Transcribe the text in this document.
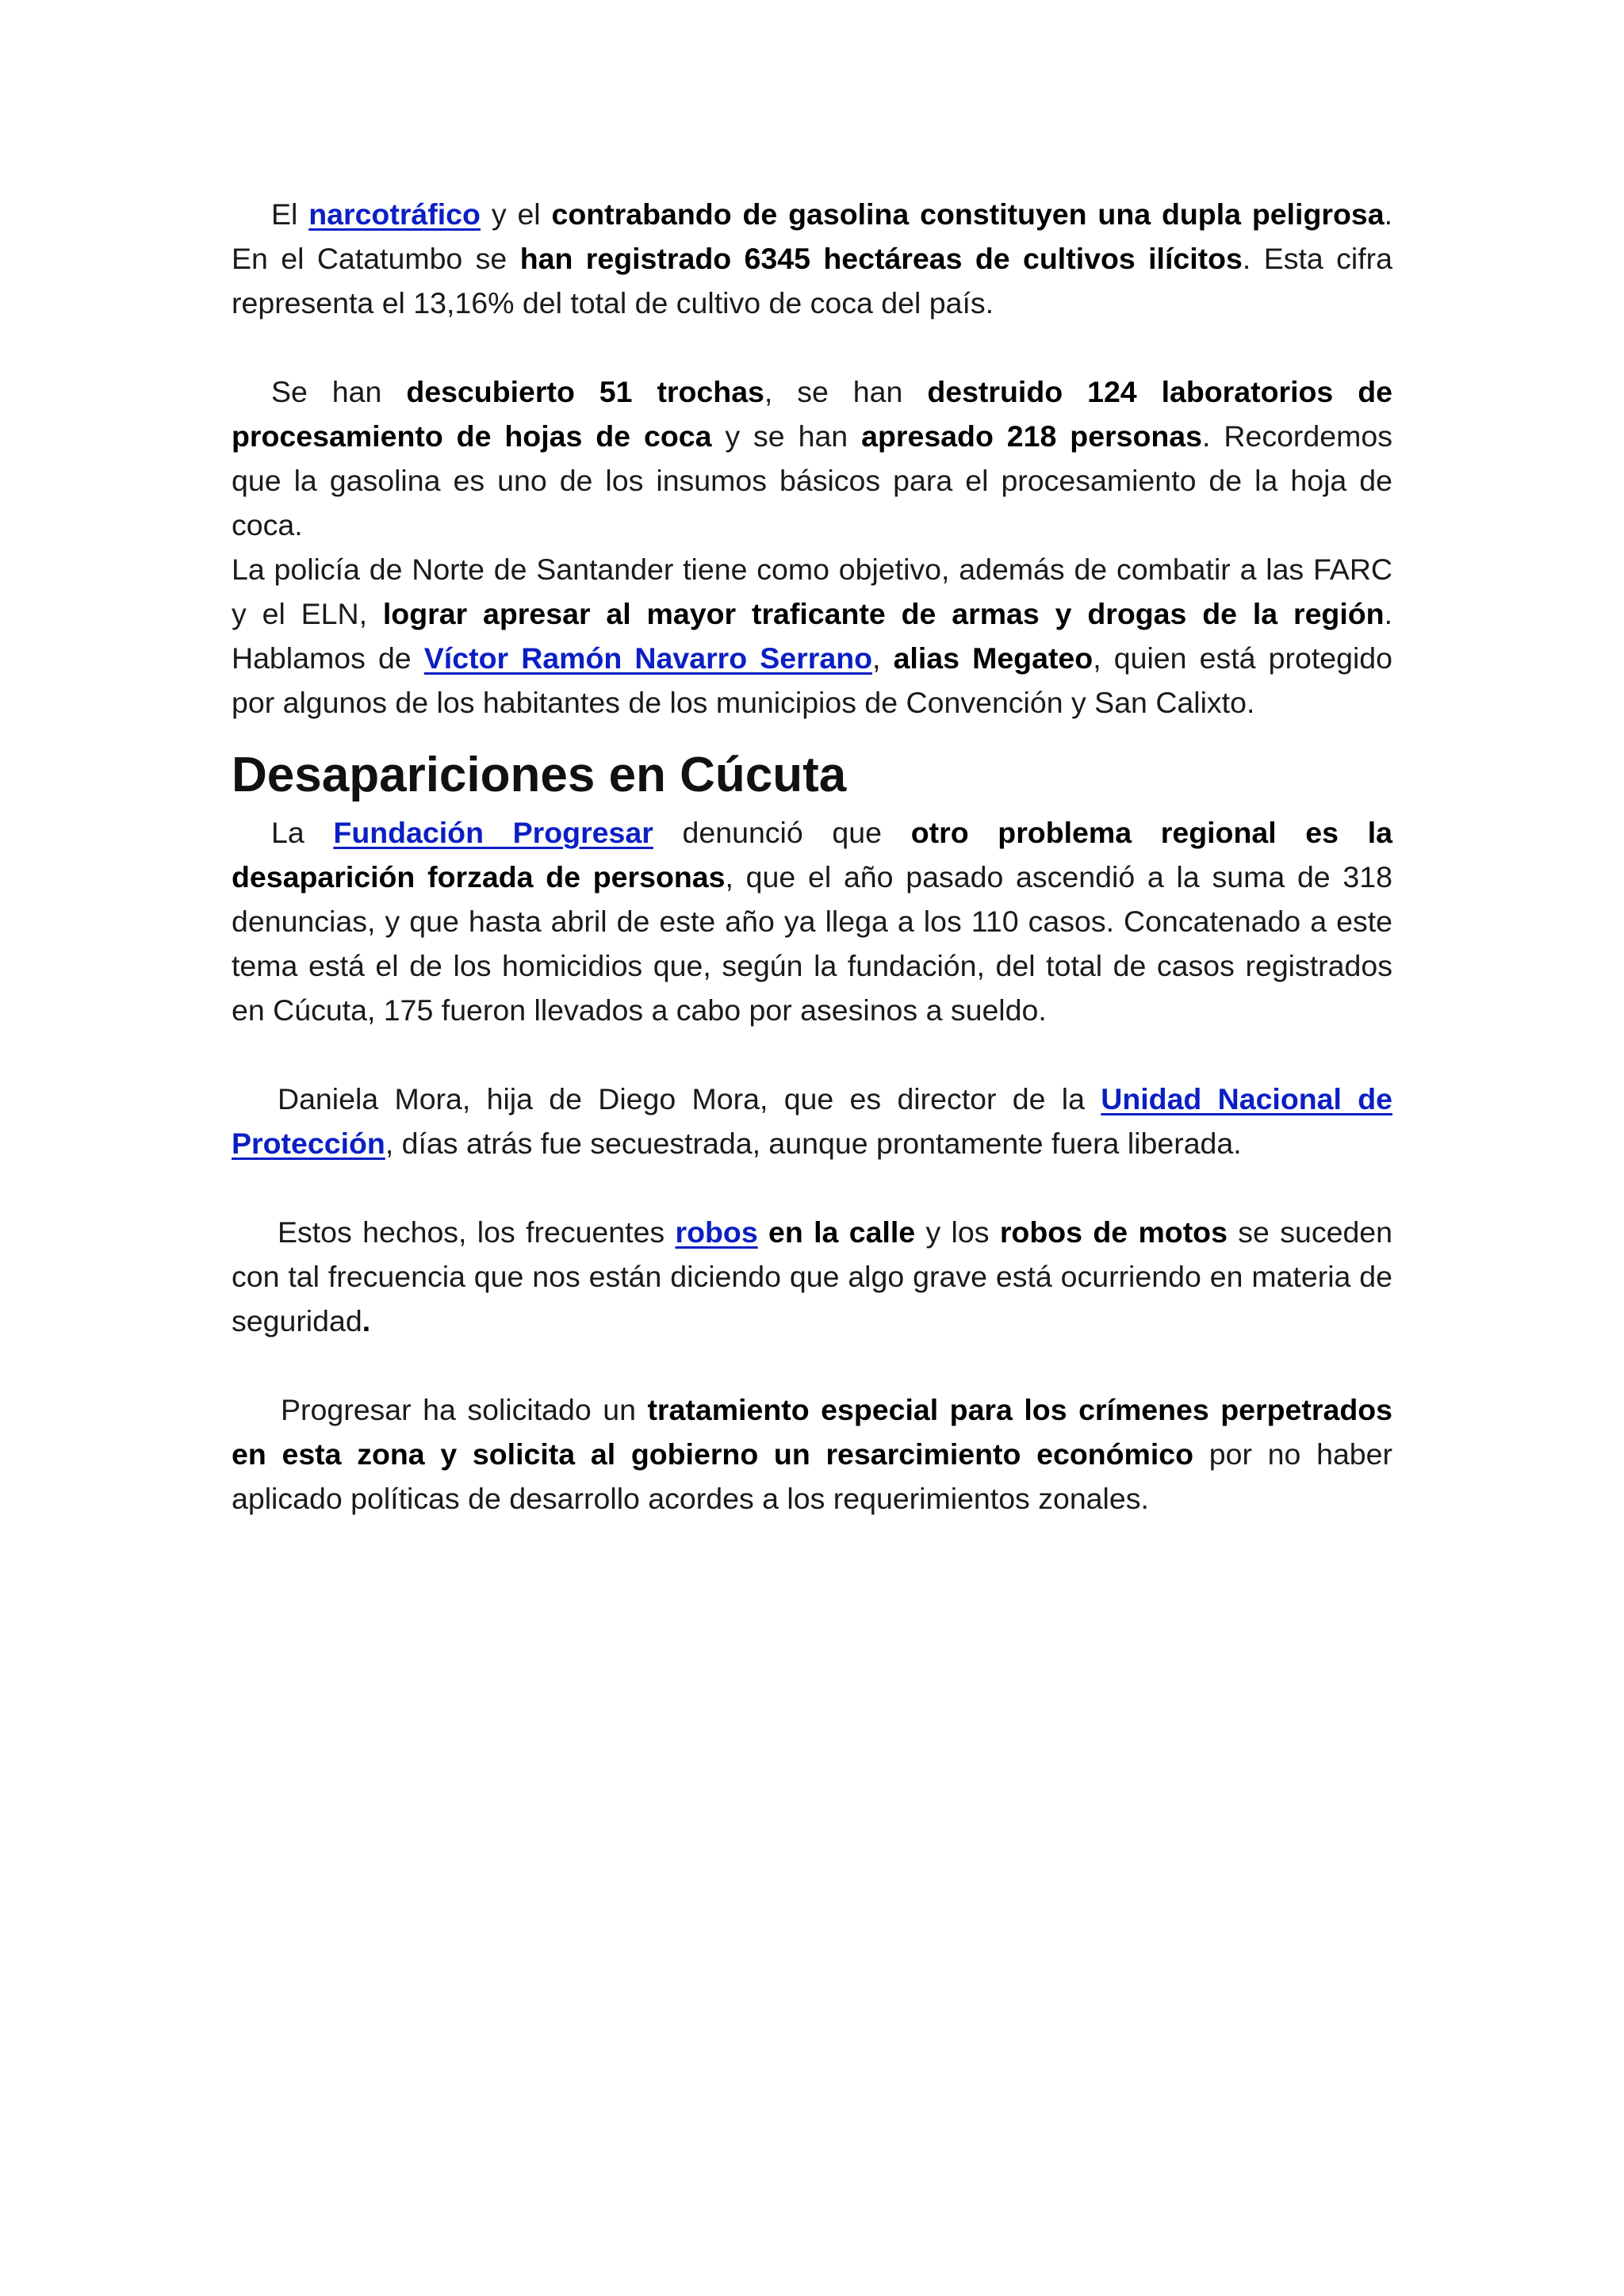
El narcotráfico y el contrabando de gasolina constituyen una dupla peligrosa. En el Catatumbo se han registrado 6345 hectáreas de cultivos ilícitos. Esta cifra representa el 13,16% del total de cultivo de coca del país.

Se han descubierto 51 trochas, se han destruido 124 laboratorios de procesamiento de hojas de coca y se han apresado 218 personas. Recordemos que la gasolina es uno de los insumos básicos para el procesamiento de la hoja de coca.

La policía de Norte de Santander tiene como objetivo, además de combatir a las FARC y el ELN, lograr apresar al mayor traficante de armas y drogas de la región. Hablamos de Víctor Ramón Navarro Serrano, alias Megateo, quien está protegido por algunos de los habitantes de los municipios de Convención y San Calixto.

Desapariciones en Cúcuta

La Fundación Progresar denunció que otro problema regional es la desaparición forzada de personas, que el año pasado ascendió a la suma de 318 denuncias, y que hasta abril de este año ya llega a los 110 casos. Concatenado a este tema está el de los homicidios que, según la fundación, del total de casos registrados en Cúcuta, 175 fueron llevados a cabo por asesinos a sueldo.

Daniela Mora, hija de Diego Mora, que es director de la Unidad Nacional de Protección, días atrás fue secuestrada, aunque prontamente fuera liberada.

Estos hechos, los frecuentes robos en la calle y los robos de motos se suceden con tal frecuencia que nos están diciendo que algo grave está ocurriendo en materia de seguridad.

Progresar ha solicitado un tratamiento especial para los crímenes perpetrados en esta zona y solicita al gobierno un resarcimiento económico por no haber aplicado políticas de desarrollo acordes a los requerimientos zonales.
